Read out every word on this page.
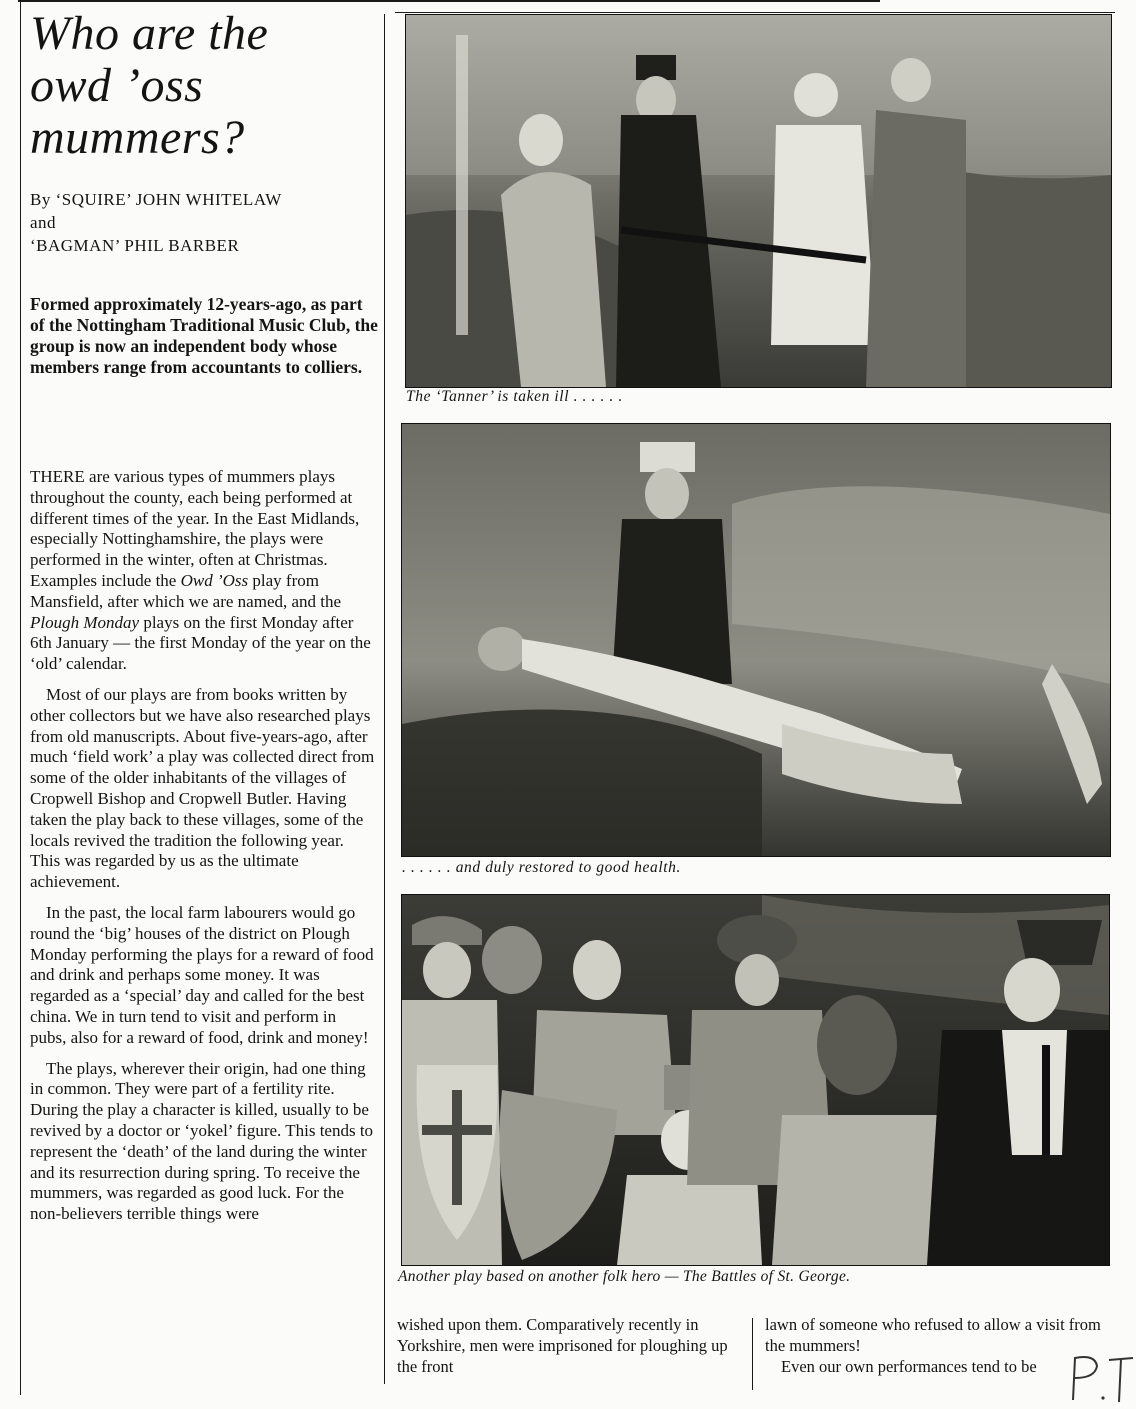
Who are the
owd ’oss
mummers?
By ‘SQUIRE’ JOHN WHITELAW
and
‘BAGMAN’ PHIL BARBER
Formed approximately 12-years-ago, as part of the Nottingham Traditional Music Club, the group is now an independent body whose members range from accountants to colliers.

THERE are various types of mummers plays throughout the county, each being performed at different times of the year. In the East Midlands, especially Nottinghamshire, the plays were performed in the winter, often at Christmas. Examples include the Owd ’Oss play from Mansfield, after which we are named, and the Plough Monday plays on the first Monday after 6th January — the first Monday of the year on the ‘old’ calendar.

Most of our plays are from books written by other collectors but we have also researched plays from old manuscripts. About five-years-ago, after much ‘field work’ a play was collected direct from some of the older inhabitants of the villages of Cropwell Bishop and Cropwell Butler. Having taken the play back to these villages, some of the locals revived the tradition the following year. This was regarded by us as the ultimate achievement.

In the past, the local farm labourers would go round the ‘big’ houses of the district on Plough Monday performing the plays for a reward of food and drink and perhaps some money. It was regarded as a ‘special’ day and called for the best china. We in turn tend to visit and perform in pubs, also for a reward of food, drink and money!

The plays, wherever their origin, had one thing in common. They were part of a fertility rite. During the play a character is killed, usually to be revived by a doctor or ‘yokel’ figure. This tends to represent the ‘death’ of the land during the winter and its resurrection during spring. To receive the mummers, was regarded as good luck. For the non-believers terrible things were

The ‘Tanner’ is taken ill . . . . . .
. . . . . . and duly restored to good health.
Another play based on another folk hero — The Battles of St. George.

wished upon them. Comparatively recently in Yorkshire, men were imprisoned for ploughing up the front

lawn of someone who refused to allow a visit from the mummers!

Even our own performances tend to be
